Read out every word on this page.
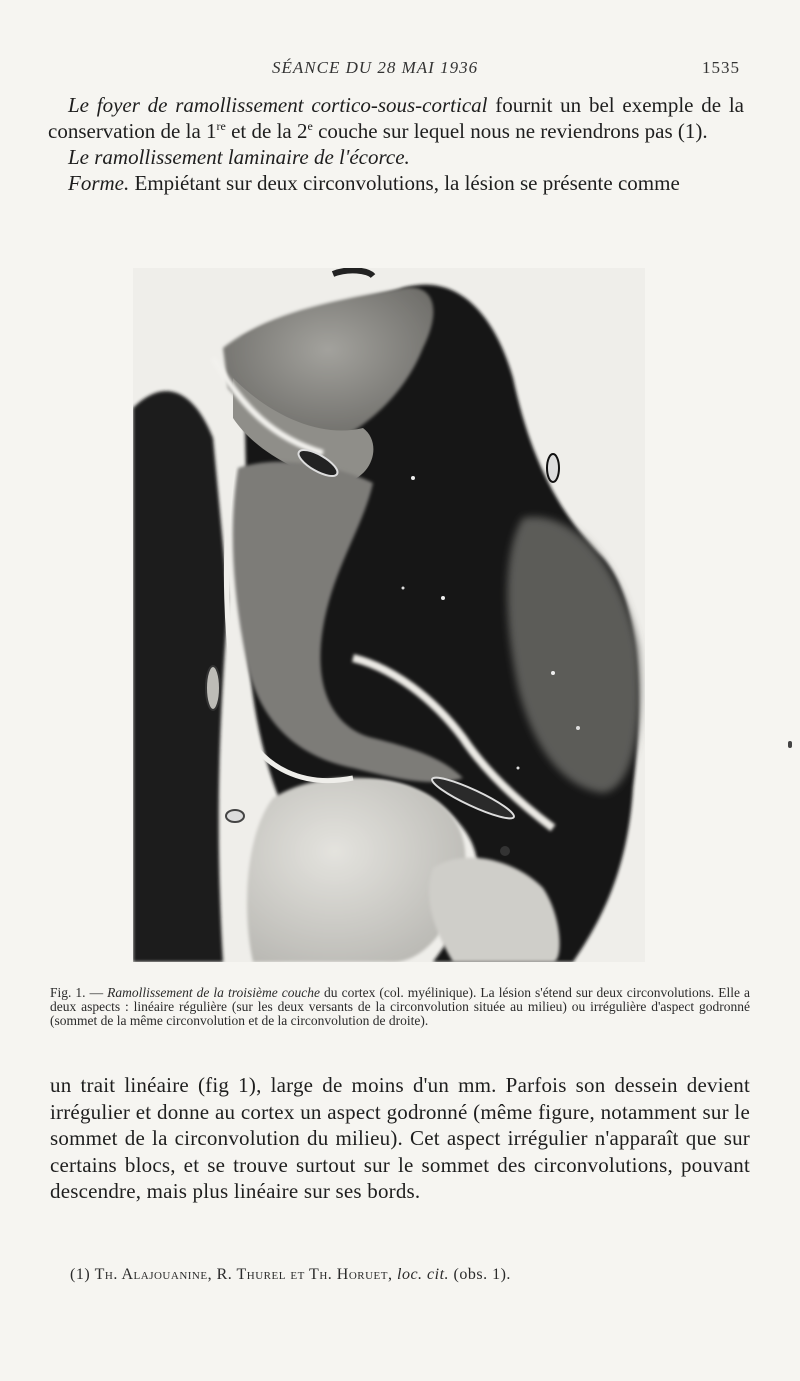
SÉANCE DU 28 MAI 1936	1535

Le foyer de ramollissement cortico-sous-cortical fournit un bel exemple de la conservation de la 1re et de la 2e couche sur lequel nous ne reviendrons pas (1).

Le ramollissement laminaire de l'écorce.

Forme. Empiétant sur deux circonvolutions, la lésion se présente comme

Fig. 1. — Ramollissement de la troisième couche du cortex (col. myélinique). La lésion s'étend sur deux circonvolutions. Elle a deux aspects : linéaire régulière (sur les deux versants de la circonvolution située au milieu) ou irrégulière d'aspect godronné (sommet de la même circonvolution et de la circonvolution de droite).
un trait linéaire (fig 1), large de moins d'un mm. Parfois son dessein devient irrégulier et donne au cortex un aspect godronné (même figure, notamment sur le sommet de la circonvolution du milieu). Cet aspect irrégulier n'apparaît que sur certains blocs, et se trouve surtout sur le sommet des circonvolutions, pouvant descendre, mais plus linéaire sur ses bords.
(1) Th. Alajouanine, R. Thurel et Th. Horuet, loc. cit. (obs. 1).
